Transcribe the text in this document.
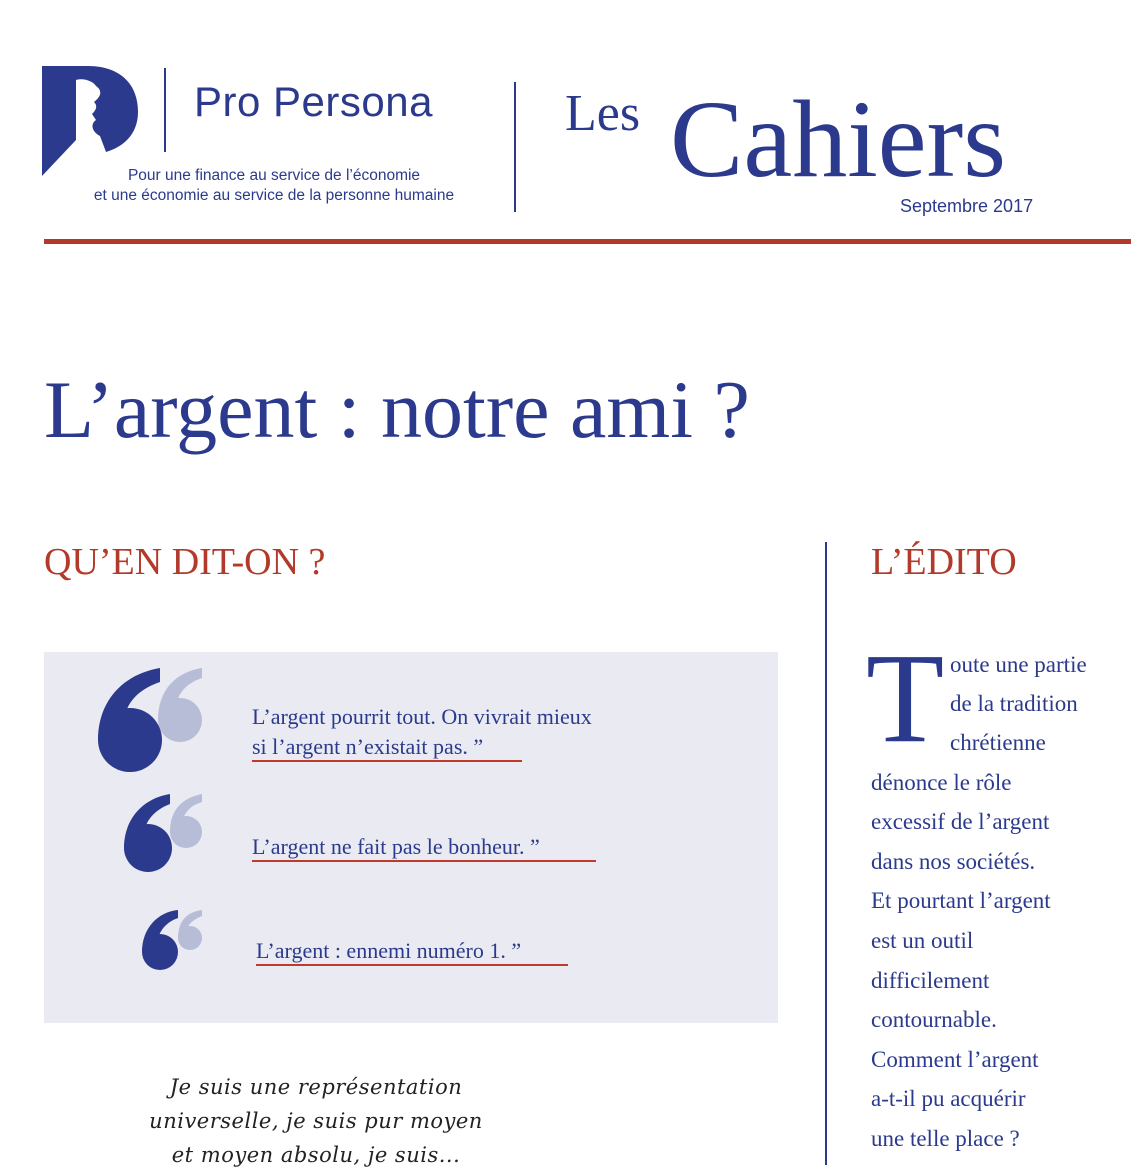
Pro Persona
Pour une finance au service de l’économie
et une économie au service de la personne humaine
Les Cahiers
Septembre 2017
L’argent : notre ami ?
QU’EN DIT-ON ?
L’argent pourrit tout. On vivrait mieux
si l’argent n’existait pas. ”
L’argent ne fait pas le bonheur. ”
L’argent : ennemi numéro 1. ”
Je suis une représentation
universelle, je suis pur moyen
et moyen absolu, je suis...
L’ÉDITO
T oute une partie
de la tradition
chrétienne
dénonce le rôle
excessif de l’argent
dans nos sociétés.
Et pourtant l’argent
est un outil
difficilement
contournable.
Comment l’argent
a-t-il pu acquérir
une telle place ?
